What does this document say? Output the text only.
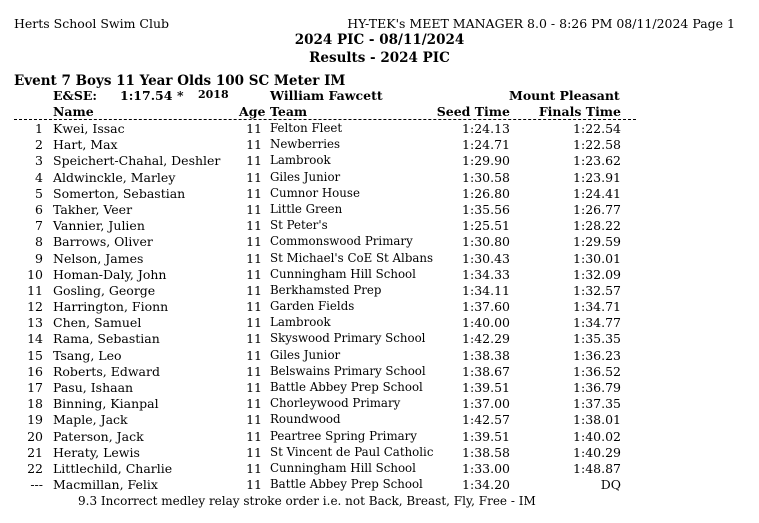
Herts School Swim Club	HY-TEK's MEET MANAGER 8.0 - 8:26 PM 08/11/2024 Page 1
2024 PIC - 08/11/2024
Results - 2024 PIC
Event 7 Boys 11 Year Olds 100 SC Meter IM
E&SE: 1:17.54 * 2018	William Fawcett	Mount Pleasant
Name	Age Team	Seed Time Finals Time
1 Kwei, Issac	11 Felton Fleet	1:24.13	1:22.54
2 Hart, Max	11 Newberries	1:24.71	1:22.58
3 Speichert-Chahal, Deshler 11 Lambrook	1:29.90	1:23.62
4 Aldwinckle, Marley	11 Giles Junior	1:30.58	1:23.91
5 Somerton, Sebastian	11 Cumnor House	1:26.80	1:24.41
6 Takher, Veer	11 Little Green	1:35.56	1:26.77
7 Vannier, Julien	11 St Peter's	1:25.51	1:28.22
8 Barrows, Oliver	11 Commonswood Primary	1:30.80	1:29.59
9 Nelson, James	11 St Michael's CoE St Albans 1:30.43	1:30.01
10 Homan-Daly, John	11 Cunningham Hill School	1:34.33	1:32.09
11 Gosling, George	11 Berkhamsted Prep	1:34.11	1:32.57
12 Harrington, Fionn	11 Garden Fields	1:37.60	1:34.71
13 Chen, Samuel	11 Lambrook	1:40.00	1:34.77
14 Rama, Sebastian	11 Skyswood Primary School	1:42.29	1:35.35
15 Tsang, Leo	11 Giles Junior	1:38.38	1:36.23
16 Roberts, Edward	11 Belswains Primary School	1:38.67	1:36.52
17 Pasu, Ishaan	11 Battle Abbey Prep School	1:39.51	1:36.79
18 Binning, Kianpal	11 Chorleywood Primary	1:37.00	1:37.35
19 Maple, Jack	11 Roundwood	1:42.57	1:38.01
20 Paterson, Jack	11 Peartree Spring Primary	1:39.51	1:40.02
21 Heraty, Lewis	11 St Vincent de Paul Catholic 1:38.58	1:40.29
22 Littlechild, Charlie	11 Cunningham Hill School	1:33.00	1:48.87
--- Macmillan, Felix	11 Battle Abbey Prep School	1:34.20	DQ
9.3 Incorrect medley relay stroke order i.e. not Back, Breast, Fly, Free - IM
